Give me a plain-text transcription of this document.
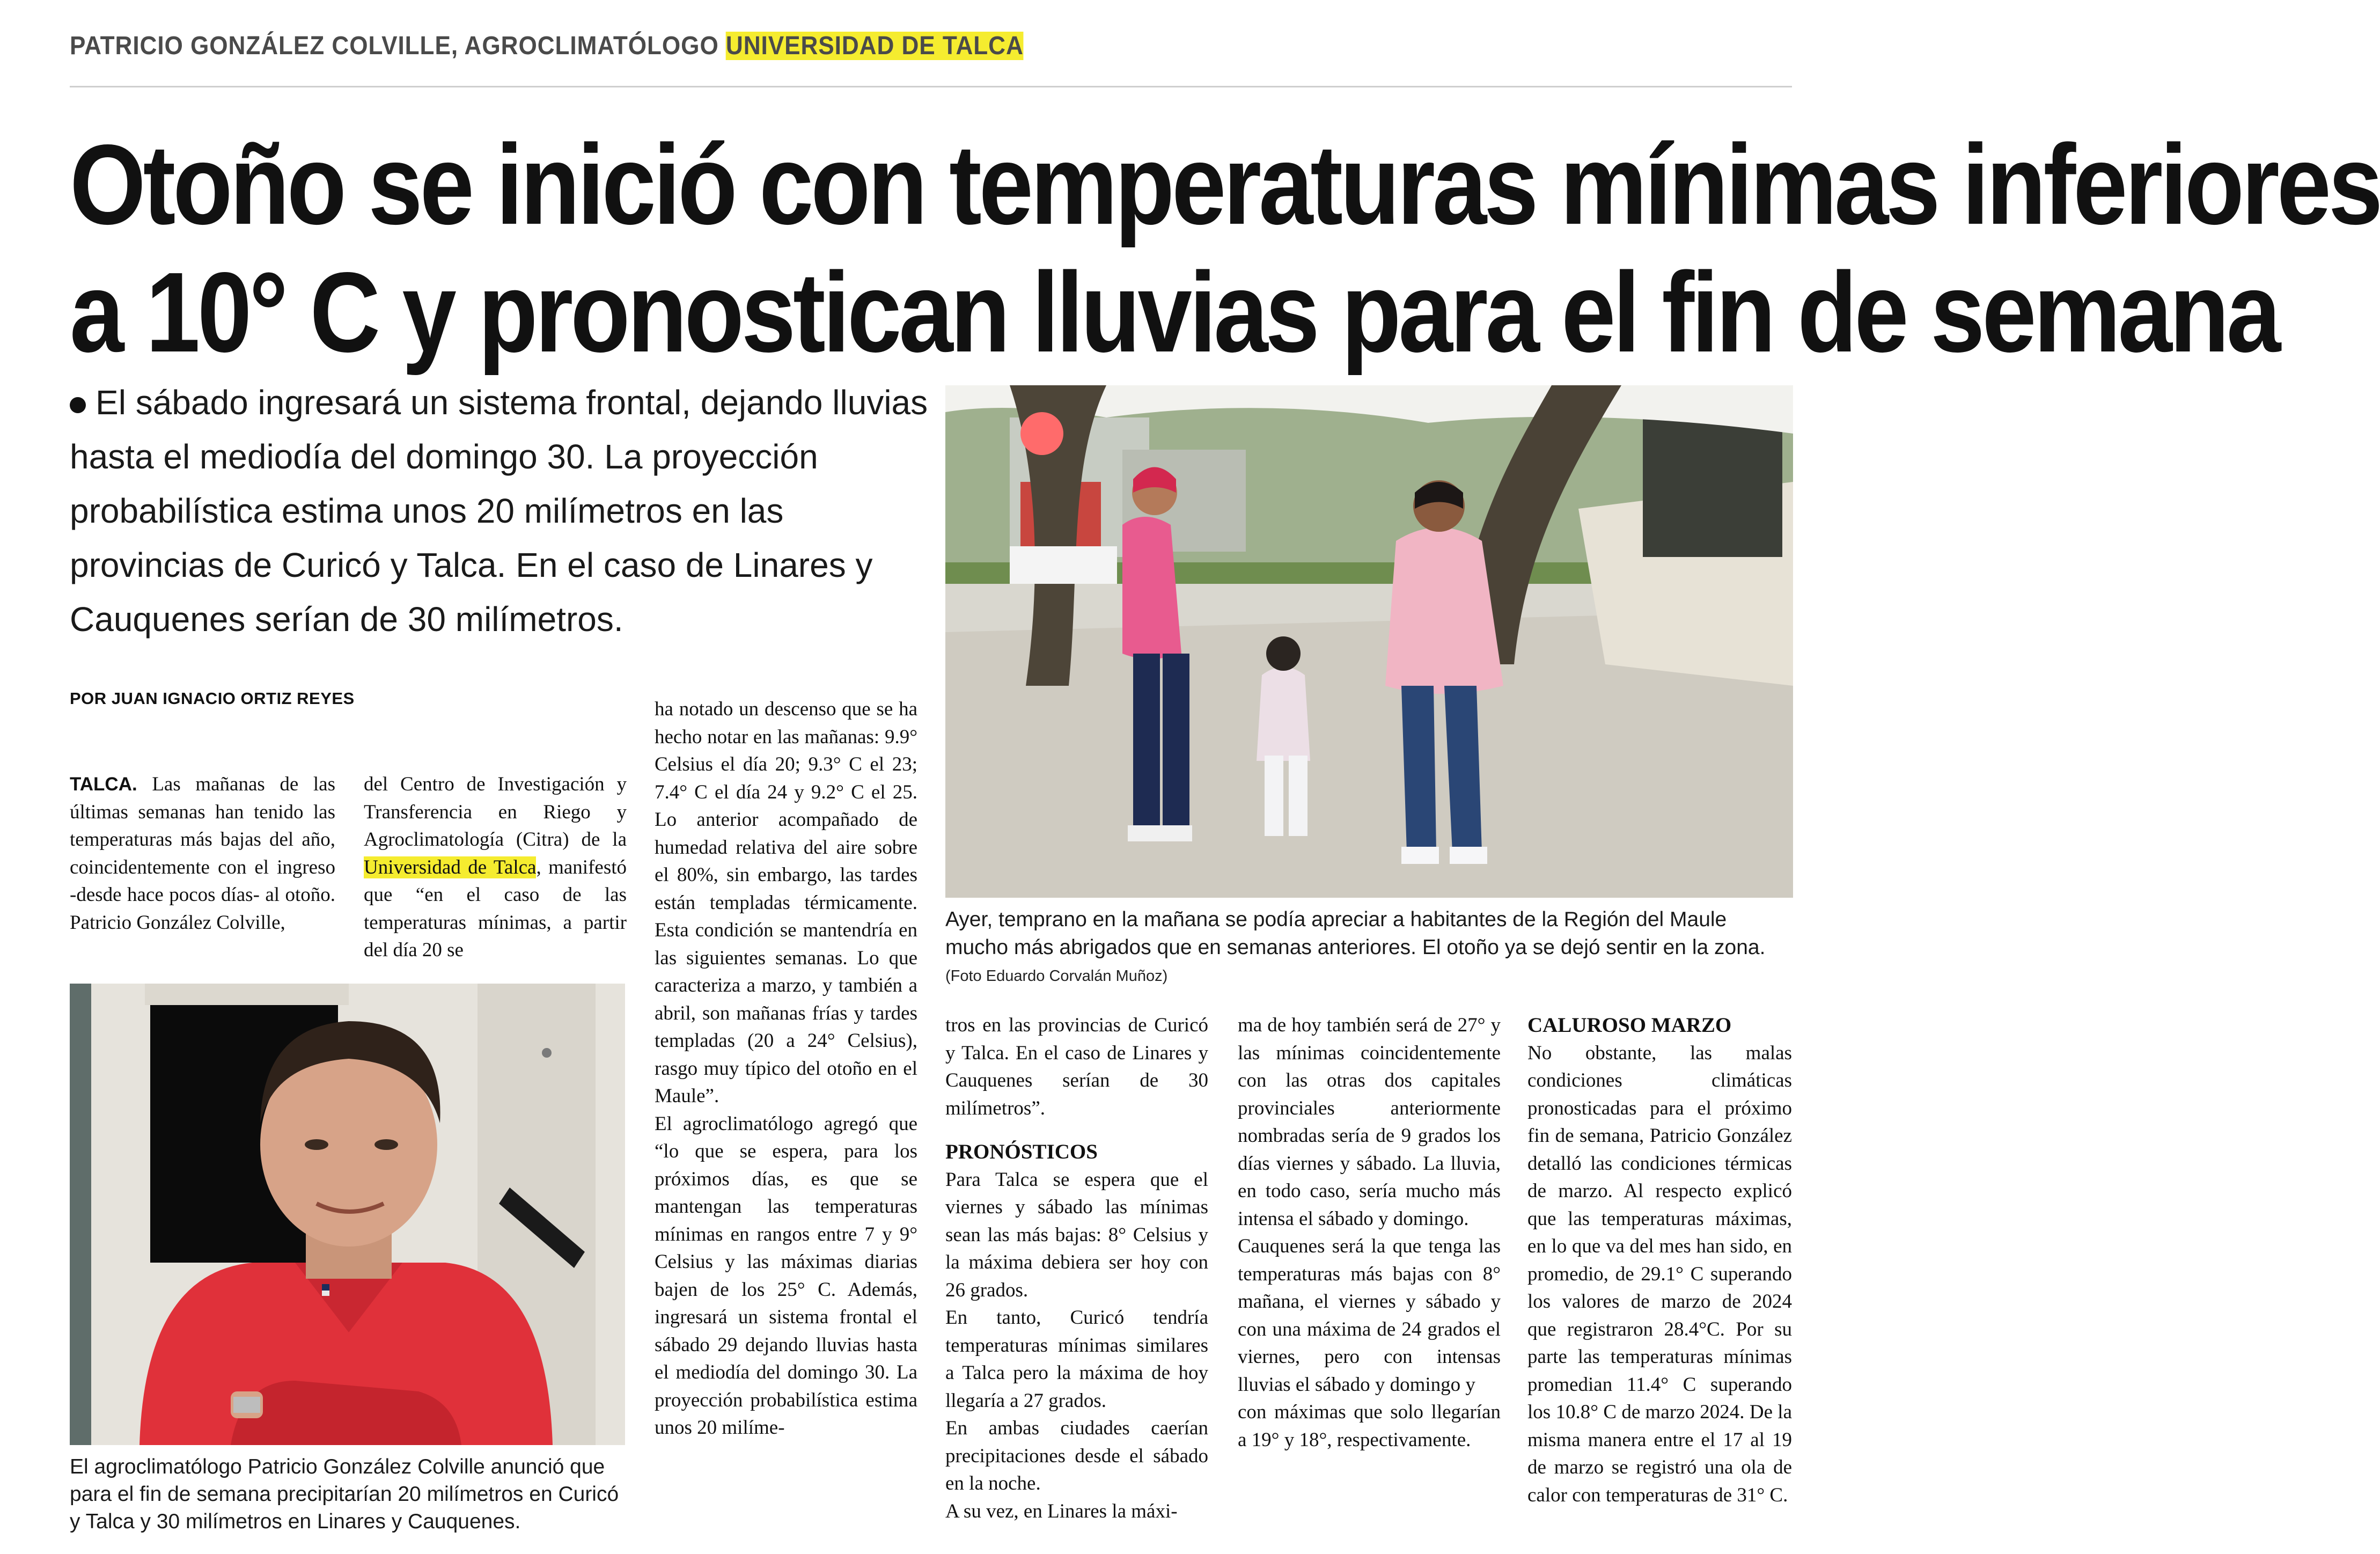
PATRICIO GONZÁLEZ COLVILLE, AGROCLIMATÓLOGO UNIVERSIDAD DE TALCA
Otoño se inició con temperaturas mínimas inferiores
a 10° C y pronostican lluvias para el fin de semana
El sábado ingresará un sistema frontal, dejando lluvias hasta el mediodía del domingo 30. La proyección probabilística estima unos 20 milímetros en las provincias de Curicó y Talca. En el caso de Linares y Cauquenes serían de 30 milímetros.
POR JUAN IGNACIO ORTIZ REYES

TALCA. Las mañanas de las últimas semanas han tenido las temperaturas más bajas del año, coincidentemente con el ingreso -desde hace pocos días- al otoño. Patricio González Colville,

del Centro de Investigación y Transferencia en Riego y Agroclimatología (Citra) de la Universidad de Talca, manifestó que “en el caso de las temperaturas mínimas, a partir del día 20 se

ha notado un descenso que se ha hecho notar en las mañanas: 9.9° Celsius el día 20; 9.3° C el 23; 7.4° C el día 24 y 9.2° C el 25. Lo anterior acompañado de humedad relativa del aire sobre el 80%, sin embargo, las tardes están templadas térmicamente. Esta condición se mantendría en las siguientes semanas. Lo que caracteriza a marzo, y también a abril, son mañanas frías y tardes templadas (20 a 24° Celsius), rasgo muy típico del otoño en el Maule”.

El agroclimatólogo agregó que “lo que se espera, para los próximos días, es que se mantengan las temperaturas mínimas en rangos entre 7 y 9° Celsius y las máximas diarias bajen de los 25° C. Además, ingresará un sistema frontal el sábado 29 dejando lluvias hasta el mediodía del domingo 30. La proyección probabilística estima unos 20 milíme-

tros en las provincias de Curicó y Talca. En el caso de Linares y Cauquenes serían de 30 milímetros”.

PRONÓSTICOS

Para Talca se espera que el viernes y sábado las mínimas sean las más bajas: 8° Celsius y la máxima debiera ser hoy con 26 grados.

En tanto, Curicó tendría temperaturas mínimas similares a Talca pero la máxima de hoy llegaría a 27 grados.

En ambas ciudades caerían precipitaciones desde el sábado en la noche.

A su vez, en Linares la máxi-

ma de hoy también será de 27° y las mínimas coincidentemente con las otras dos capitales provinciales anteriormente nombradas sería de 9 grados los días viernes y sábado. La lluvia, en todo caso, sería mucho más intensa el sábado y domingo.

Cauquenes será la que tenga las temperaturas más bajas con 8° mañana, el viernes y sábado y con una máxima de 24 grados el viernes, pero con intensas lluvias el sábado y domingo y

con máximas que solo llegarían a 19° y 18°, respectivamente.

CALUROSO MARZO

No obstante, las malas condiciones climáticas pronosticadas para el próximo fin de semana, Patricio González detalló las condiciones térmicas de marzo. Al respecto explicó que las temperaturas máximas, en lo que va del mes han sido, en promedio, de 29.1° C superando los valores de marzo de 2024 que registraron 28.4°C. Por su parte las temperaturas mínimas promedian 11.4° C superando los 10.8° C de marzo 2024. De la misma manera entre el 17 al 19 de marzo se registró una ola de calor con temperaturas de 31° C.

Ayer, temprano en la mañana se podía apreciar a habitantes de la Región del Maule mucho más abrigados que en semanas anteriores. El otoño ya se dejó sentir en la zona.
(Foto Eduardo Corvalán Muñoz)
El agroclimatólogo Patricio González Colville anunció que para el fin de semana precipitarían 20 milímetros en Curicó y Talca y 30 milímetros en Linares y Cauquenes.
